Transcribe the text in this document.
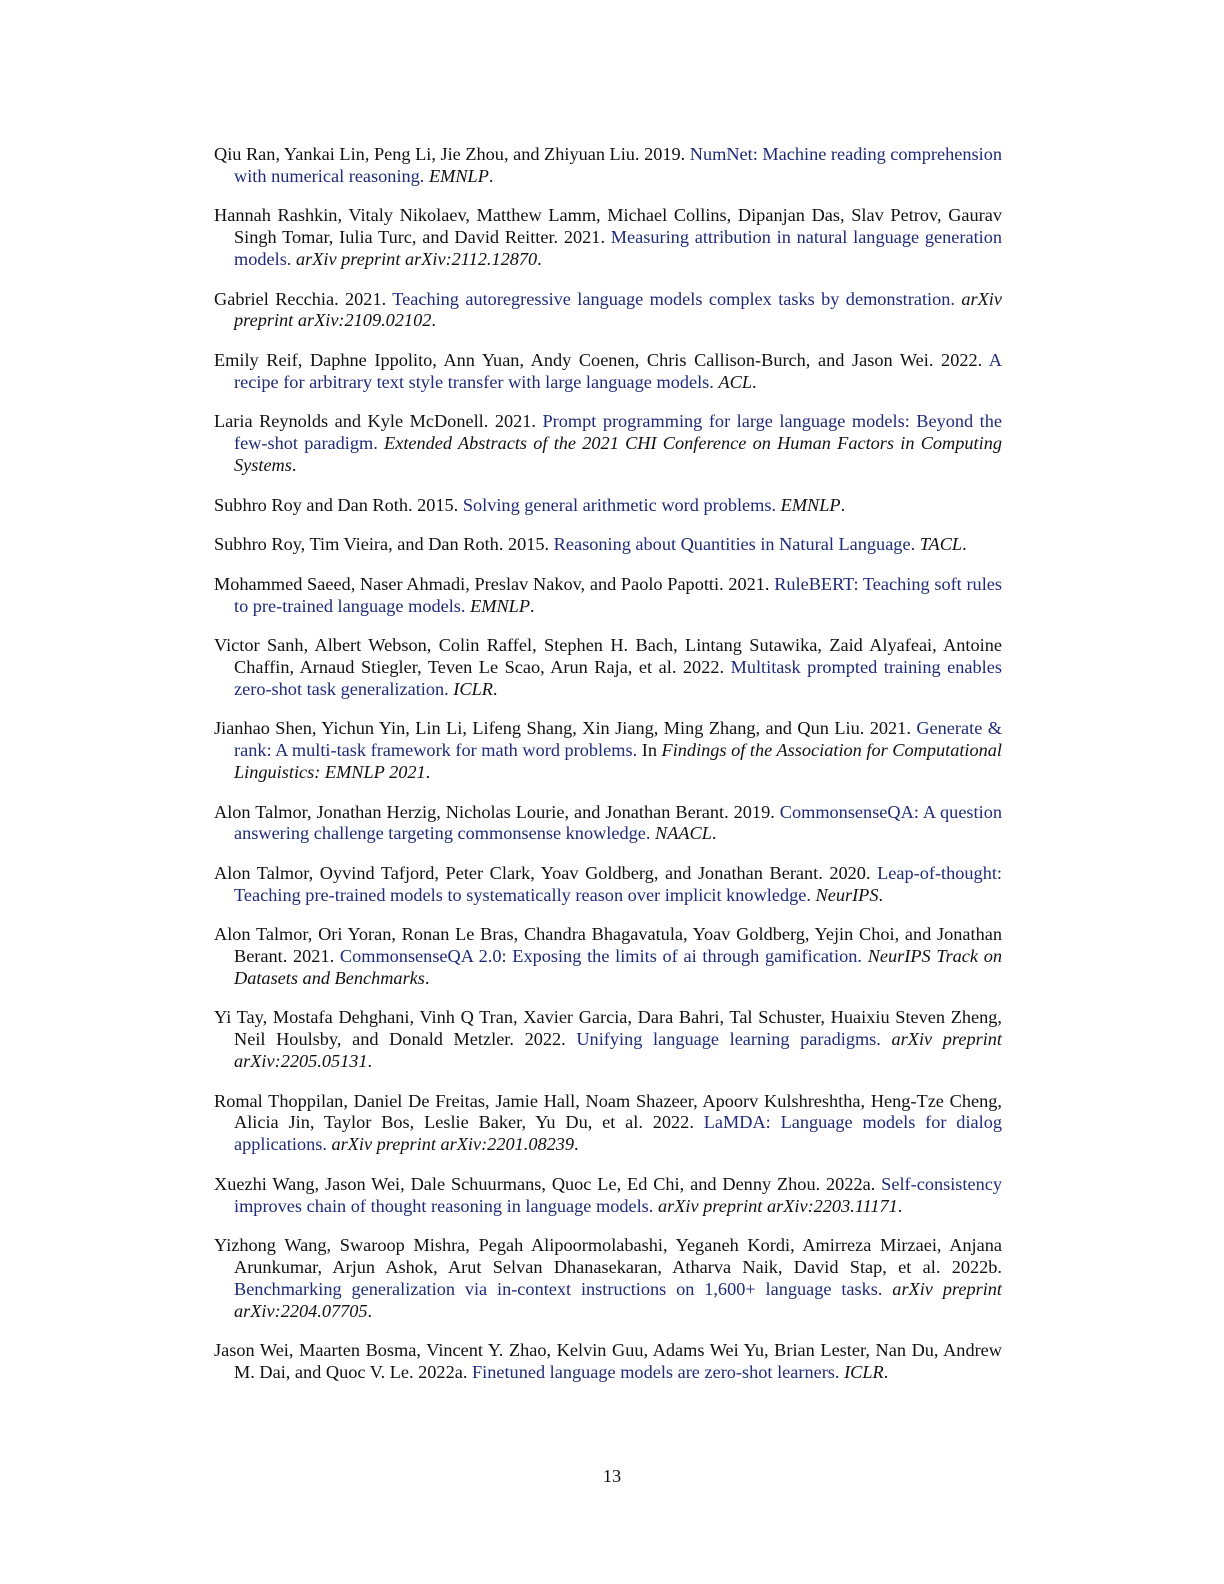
Qiu Ran, Yankai Lin, Peng Li, Jie Zhou, and Zhiyuan Liu. 2019. NumNet: Machine reading comprehension with numerical reasoning. EMNLP.

Hannah Rashkin, Vitaly Nikolaev, Matthew Lamm, Michael Collins, Dipanjan Das, Slav Petrov, Gaurav Singh Tomar, Iulia Turc, and David Reitter. 2021. Measuring attribution in natural language generation models. arXiv preprint arXiv:2112.12870.

Gabriel Recchia. 2021. Teaching autoregressive language models complex tasks by demonstration. arXiv preprint arXiv:2109.02102.

Emily Reif, Daphne Ippolito, Ann Yuan, Andy Coenen, Chris Callison-Burch, and Jason Wei. 2022. A recipe for arbitrary text style transfer with large language models. ACL.

Laria Reynolds and Kyle McDonell. 2021. Prompt programming for large language models: Beyond the few-shot paradigm. Extended Abstracts of the 2021 CHI Conference on Human Factors in Computing Systems.

Subhro Roy and Dan Roth. 2015. Solving general arithmetic word problems. EMNLP.

Subhro Roy, Tim Vieira, and Dan Roth. 2015. Reasoning about Quantities in Natural Language. TACL.

Mohammed Saeed, Naser Ahmadi, Preslav Nakov, and Paolo Papotti. 2021. RuleBERT: Teaching soft rules to pre-trained language models. EMNLP.

Victor Sanh, Albert Webson, Colin Raffel, Stephen H. Bach, Lintang Sutawika, Zaid Alyafeai, Antoine Chaffin, Arnaud Stiegler, Teven Le Scao, Arun Raja, et al. 2022. Multitask prompted training enables zero-shot task generalization. ICLR.

Jianhao Shen, Yichun Yin, Lin Li, Lifeng Shang, Xin Jiang, Ming Zhang, and Qun Liu. 2021. Generate & rank: A multi-task framework for math word problems. In Findings of the Association for Computational Linguistics: EMNLP 2021.

Alon Talmor, Jonathan Herzig, Nicholas Lourie, and Jonathan Berant. 2019. CommonsenseQA: A question answering challenge targeting commonsense knowledge. NAACL.

Alon Talmor, Oyvind Tafjord, Peter Clark, Yoav Goldberg, and Jonathan Berant. 2020. Leap-of-thought: Teaching pre-trained models to systematically reason over implicit knowledge. NeurIPS.

Alon Talmor, Ori Yoran, Ronan Le Bras, Chandra Bhagavatula, Yoav Goldberg, Yejin Choi, and Jonathan Berant. 2021. CommonsenseQA 2.0: Exposing the limits of ai through gamification. NeurIPS Track on Datasets and Benchmarks.

Yi Tay, Mostafa Dehghani, Vinh Q Tran, Xavier Garcia, Dara Bahri, Tal Schuster, Huaixiu Steven Zheng, Neil Houlsby, and Donald Metzler. 2022. Unifying language learning paradigms. arXiv preprint arXiv:2205.05131.

Romal Thoppilan, Daniel De Freitas, Jamie Hall, Noam Shazeer, Apoorv Kulshreshtha, Heng-Tze Cheng, Alicia Jin, Taylor Bos, Leslie Baker, Yu Du, et al. 2022. LaMDA: Language models for dialog applications. arXiv preprint arXiv:2201.08239.

Xuezhi Wang, Jason Wei, Dale Schuurmans, Quoc Le, Ed Chi, and Denny Zhou. 2022a. Self-consistency improves chain of thought reasoning in language models. arXiv preprint arXiv:2203.11171.

Yizhong Wang, Swaroop Mishra, Pegah Alipoormolabashi, Yeganeh Kordi, Amirreza Mirzaei, Anjana Arunkumar, Arjun Ashok, Arut Selvan Dhanasekaran, Atharva Naik, David Stap, et al. 2022b. Benchmarking generalization via in-context instructions on 1,600+ language tasks. arXiv preprint arXiv:2204.07705.

Jason Wei, Maarten Bosma, Vincent Y. Zhao, Kelvin Guu, Adams Wei Yu, Brian Lester, Nan Du, Andrew M. Dai, and Quoc V. Le. 2022a. Finetuned language models are zero-shot learners. ICLR.

13
